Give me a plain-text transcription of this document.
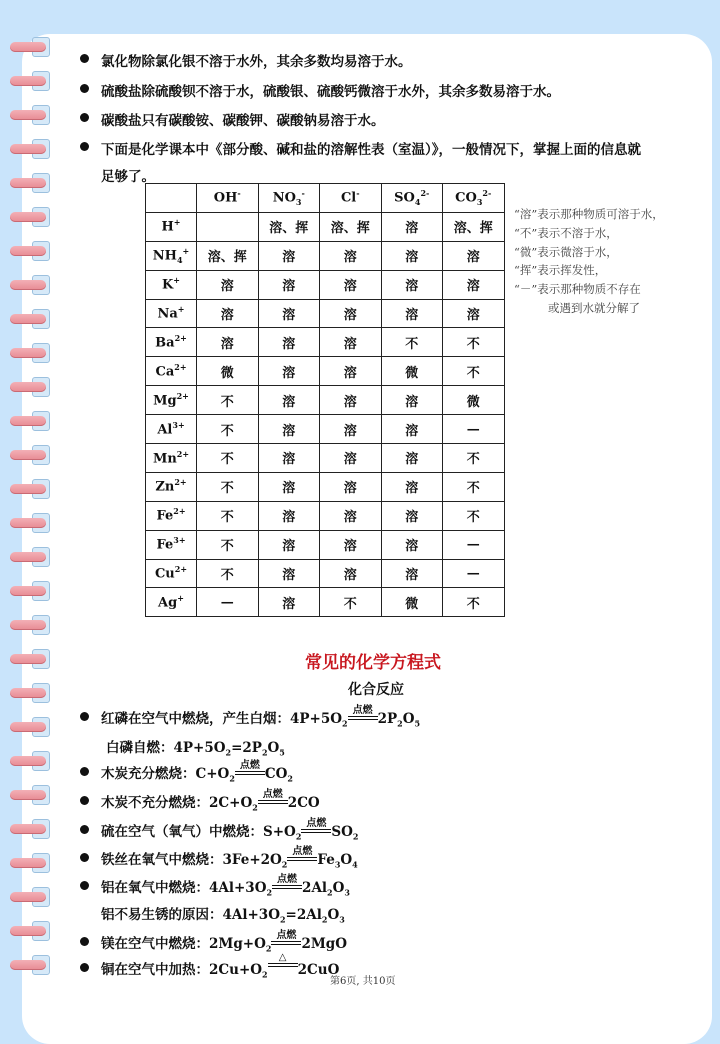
氯化物除氯化银不溶于水外，其余多数均易溶于水。
硫酸盐除硫酸钡不溶于水，硫酸银、硫酸钙微溶于水外，其余多数易溶于水。
碳酸盐只有碳酸铵、碳酸钾、碳酸钠易溶于水。
下面是化学课本中《部分酸、碱和盐的溶解性表（室温）》，一般情况下，掌握上面的信息就
足够了。
	OH-	$NO_3^-$	Cl-	$SO_4^{2-}$	$CO_3^{2-}$
H+		溶、挥	溶、挥	溶	溶、挥
$NH_4^+$	溶、挥	溶	溶	溶	溶
K+	溶	溶	溶	溶	溶
Na+	溶	溶	溶	溶	溶
$Ba^{2+}$	溶	溶	溶	不	不
$Ca^{2+}$	微	溶	溶	微	不
$Mg^{2+}$	不	溶	溶	溶	微
$Al^{3+}$	不	溶	溶	溶	—
$Mn^{2+}$	不	溶	溶	溶	不
$Zn^{2+}$	不	溶	溶	溶	不
$Fe^{2+}$	不	溶	溶	溶	不
$Fe^{3+}$	不	溶	溶	溶	—
$Cu^{2+}$	不	溶	溶	溶	—
Ag+	—	溶	不	微	不
“溶”表示那种物质可溶于水，
“不”表示不溶于水，
“微”表示微溶于水，
“挥”表示挥发性，
“－”表示那种物质不存在
或遇到水就分解了
常见的化学方程式
化合反应
红磷在空气中燃烧，产生白烟：$4P+5O_2$点燃
$2P_2O_5$
白磷自燃：$4P+5O_2=2P_2O_5$
木炭充分燃烧：$C+O_2$点燃
$CO_2$
木炭不充分燃烧：$2C+O_2$点燃
2CO
硫在空气（氧气）中燃烧：$S+O_2$点燃
$SO_2$
铁丝在氧气中燃烧：$3Fe+2O_2$点燃
$Fe_3O_4$
铝在氧气中燃烧：$4Al+3O_2$点燃
$2Al_2O_3$
铝不易生锈的原因：$4Al+3O_2=2Al_2O_3$
镁在空气中燃烧：$2Mg+O_2$点燃
2MgO
铜在空气中加热：$2Cu+O_2\triangle$
2CuO
第6页, 共10页
